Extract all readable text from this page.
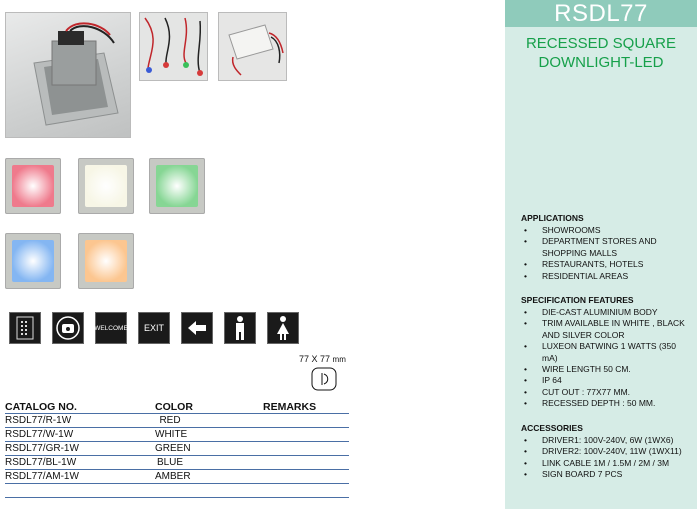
WELCOME EXIT
77 X 77 mm
CATALOG NO.	COLOR	REMARKS
RSDL77/R-1W	RED
RSDL77/W-1W	WHITE
RSDL77/GR-1W	GREEN
RSDL77/BL-1W	BLUE
RSDL77/AM-1W	AMBER
RSDL77
RECESSED SQUARE
DOWNLIGHT-LED
APPLICATIONS
• SHOWROOMS
• DEPARTMENT STORES AND SHOPPING MALLS
• RESTAURANTS, HOTELS
• RESIDENTIAL AREAS
SPECIFICATION FEATURES
• DIE-CAST ALUMINIUM BODY
• TRIM AVAILABLE IN WHITE , BLACK AND SILVER COLOR
• LUXEON BATWING 1 WATTS (350 mA)
• WIRE LENGTH 50 CM.
• IP 64
• CUT OUT : 77X77 MM.
• RECESSED DEPTH : 50 MM.
ACCESSORIES
• DRIVER1: 100V-240V, 6W (1WX6)
• DRIVER2: 100V-240V, 11W (1WX11)
• LINK CABLE 1M / 1.5M / 2M / 3M
• SIGN BOARD 7 PCS
